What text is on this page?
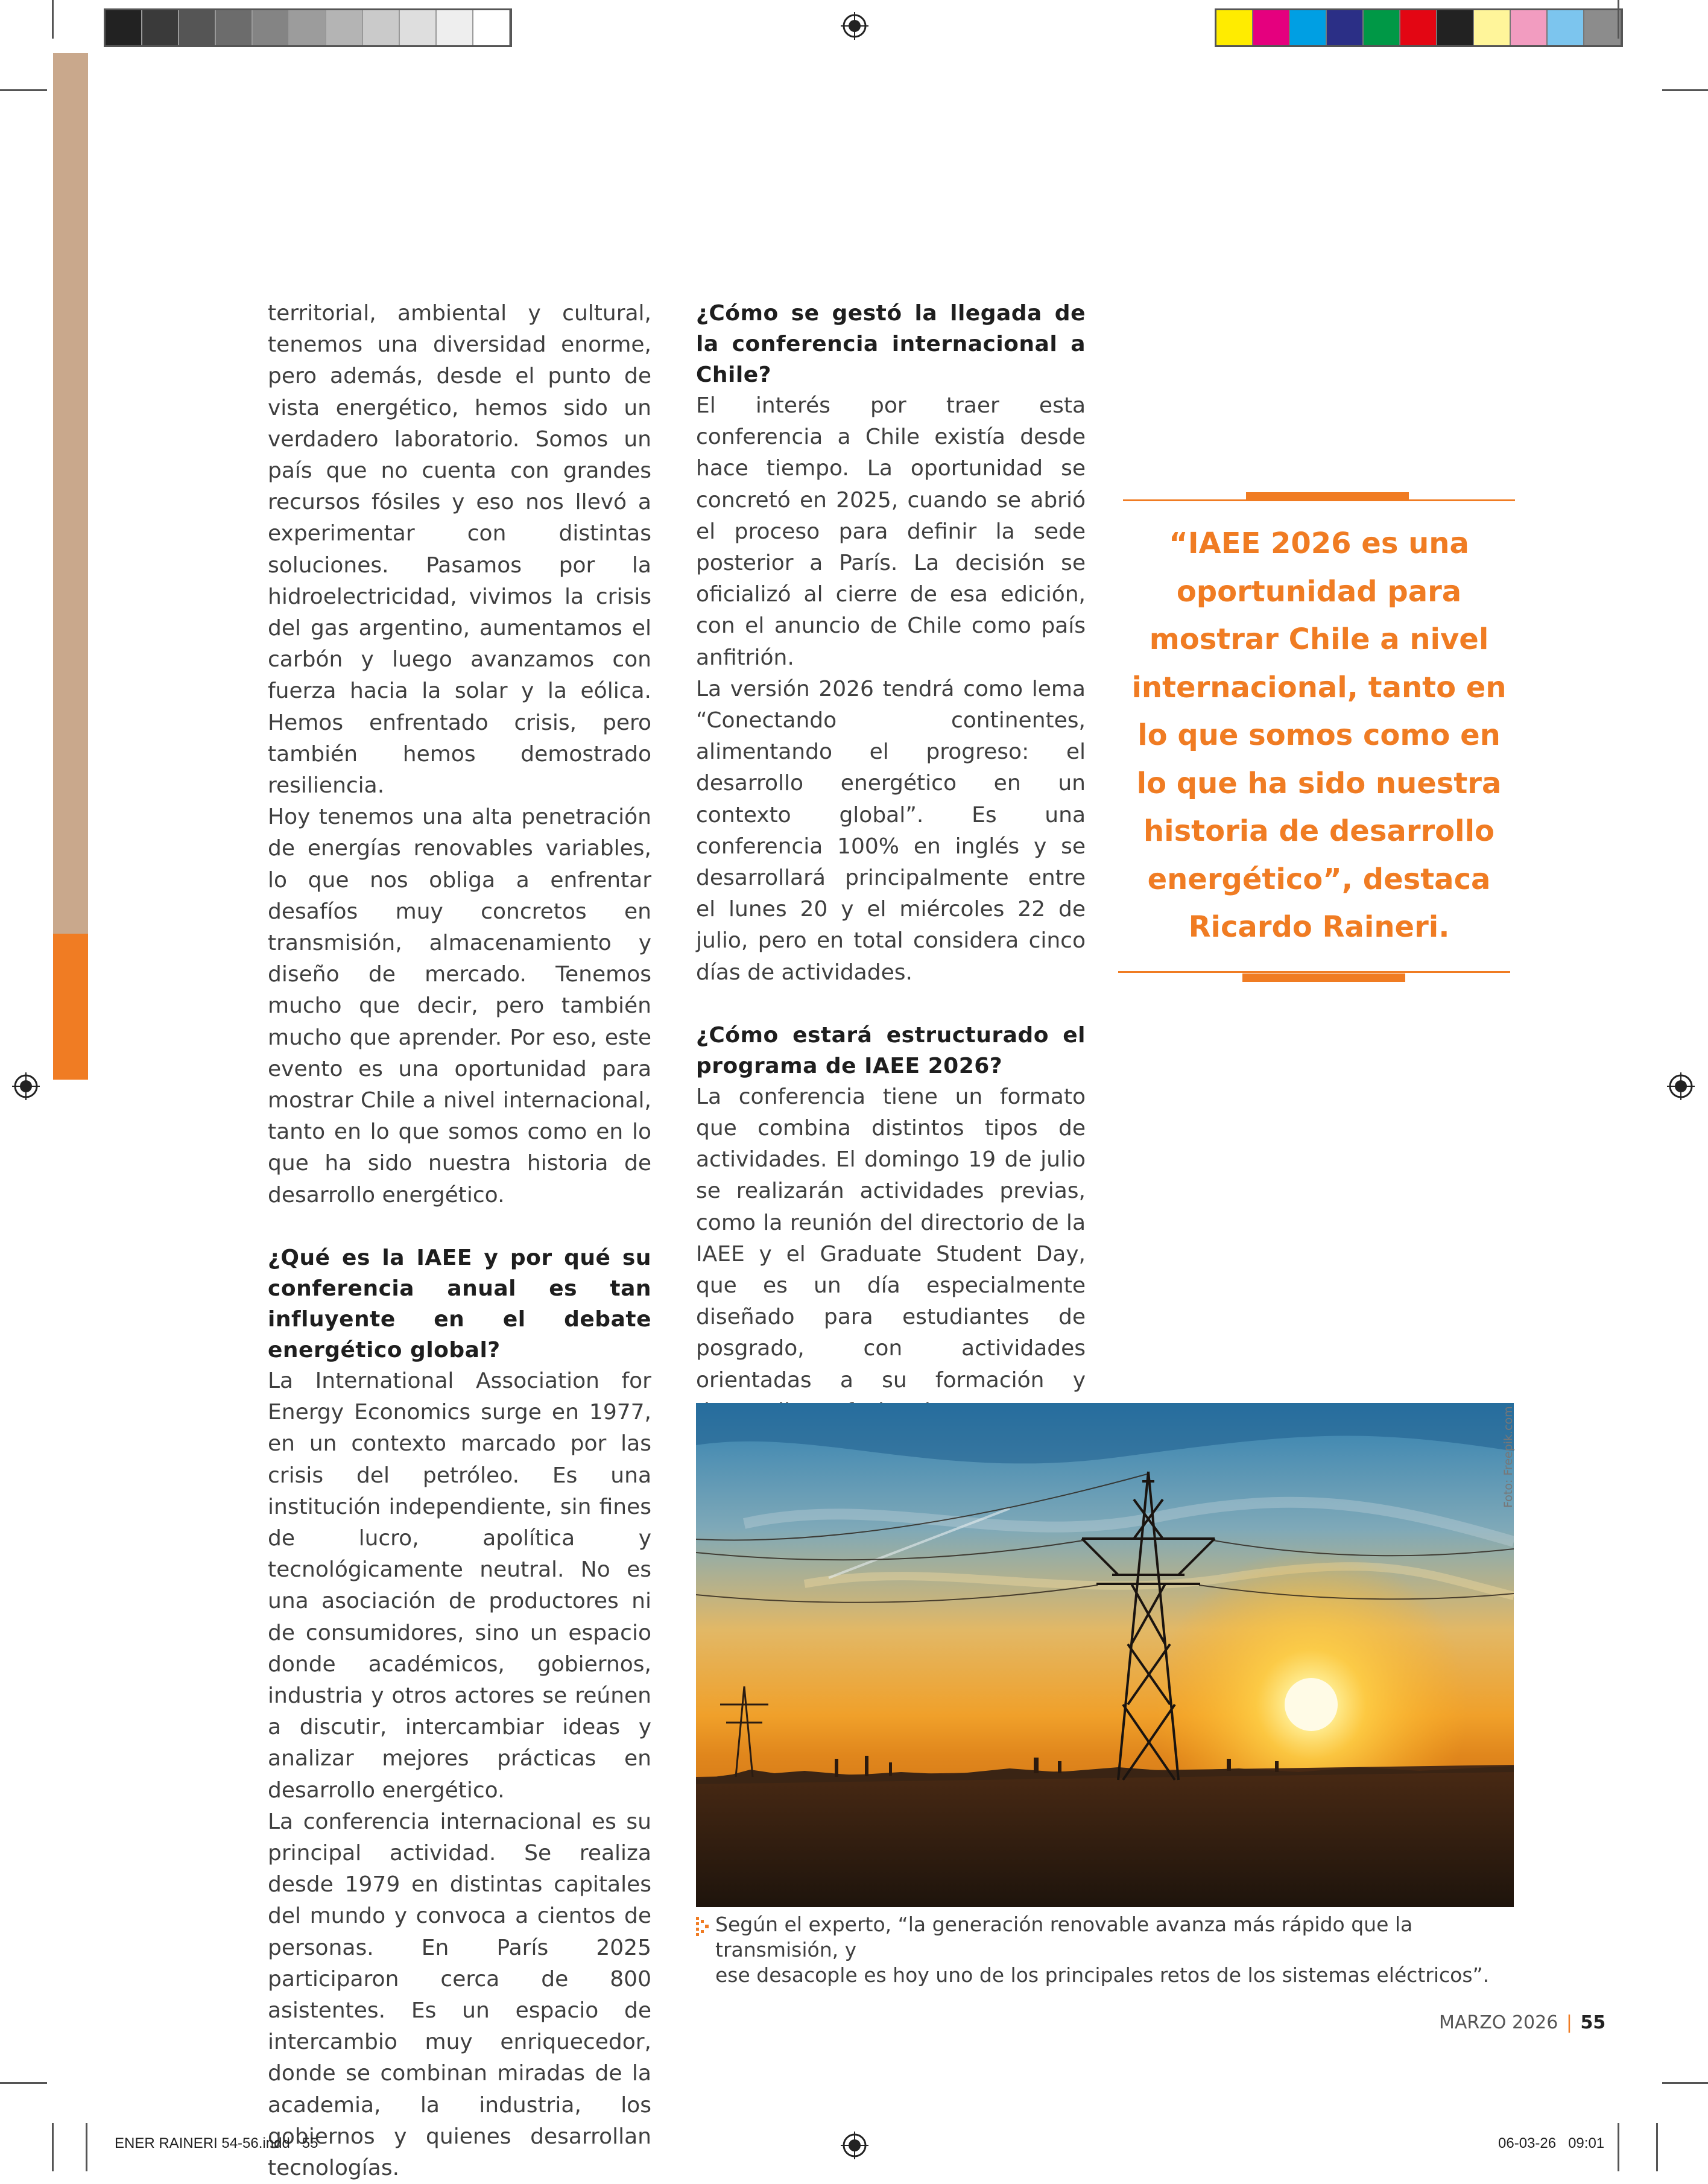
territorial, ambiental y cultural, tenemos una diversidad enorme, pero además, desde el punto de vista energético, hemos sido un verdadero laboratorio. Somos un país que no cuenta con grandes recursos fósiles y eso nos llevó a experimentar con distintas soluciones. Pasamos por la hidroelectricidad, vivimos la crisis del gas argentino, aumentamos el carbón y luego avanzamos con fuerza hacia la solar y la eólica. Hemos enfrentado crisis, pero también hemos demostrado resiliencia.

Hoy tenemos una alta penetración de energías renovables variables, lo que nos obliga a enfrentar desafíos muy concretos en transmisión, almacenamiento y diseño de mercado. Tenemos mucho que decir, pero también mucho que aprender. Por eso, este evento es una oportunidad para mostrar Chile a nivel internacional, tanto en lo que somos como en lo que ha sido nuestra historia de desarrollo energético.

¿Qué es la IAEE y por qué su conferencia anual es tan influyente en el debate energético global?

La International Association for Energy Economics surge en 1977, en un contexto marcado por las crisis del petróleo. Es una institución independiente, sin fines de lucro, apolítica y tecnológicamente neutral. No es una asociación de productores ni de consumidores, sino un espacio donde académicos, gobiernos, industria y otros actores se reúnen a discutir, intercambiar ideas y analizar mejores prácticas en desarrollo energético.

La conferencia internacional es su principal actividad. Se realiza desde 1979 en distintas capitales del mundo y convoca a cientos de personas. En París 2025 participaron cerca de 800 asistentes. Es un espacio de intercambio muy enriquecedor, donde se combinan miradas de la academia, la industria, los gobiernos y quienes desarrollan tecnologías.

¿Cómo se gestó la llegada de la conferencia internacional a Chile?

El interés por traer esta conferencia a Chile existía desde hace tiempo. La oportunidad se concretó en 2025, cuando se abrió el proceso para definir la sede posterior a París. La decisión se oficializó al cierre de esa edición, con el anuncio de Chile como país anfitrión.

La versión 2026 tendrá como lema “Conectando continentes, alimentando el progreso: el desarrollo energético en un contexto global”. Es una conferencia 100% en inglés y se desarrollará principalmente entre el lunes 20 y el miércoles 22 de julio, pero en total considera cinco días de actividades.

¿Cómo estará estructurado el programa de IAEE 2026?

La conferencia tiene un formato que combina distintos tipos de actividades. El domingo 19 de julio se realizarán actividades previas, como la reunión del directorio de la IAEE y el Graduate Student Day, que es un día especialmente diseñado para estudiantes de posgrado, con actividades orientadas a su formación y

“IAEE 2026 es una
oportunidad para
mostrar Chile a nivel
internacional, tanto en
lo que somos como en
lo que ha sido nuestra
historia de desarrollo
energético”, destaca
Ricardo Raineri.
Foto: Freepik.com
Según el experto, “la generación renovable avanza más rápido que la transmisión, y
ese desacople es hoy uno de los principales retos de los sistemas eléctricos”.
MARZO 2026 | 55
ENER RAINERI 54-56.indd   55	06-03-26   09:01
